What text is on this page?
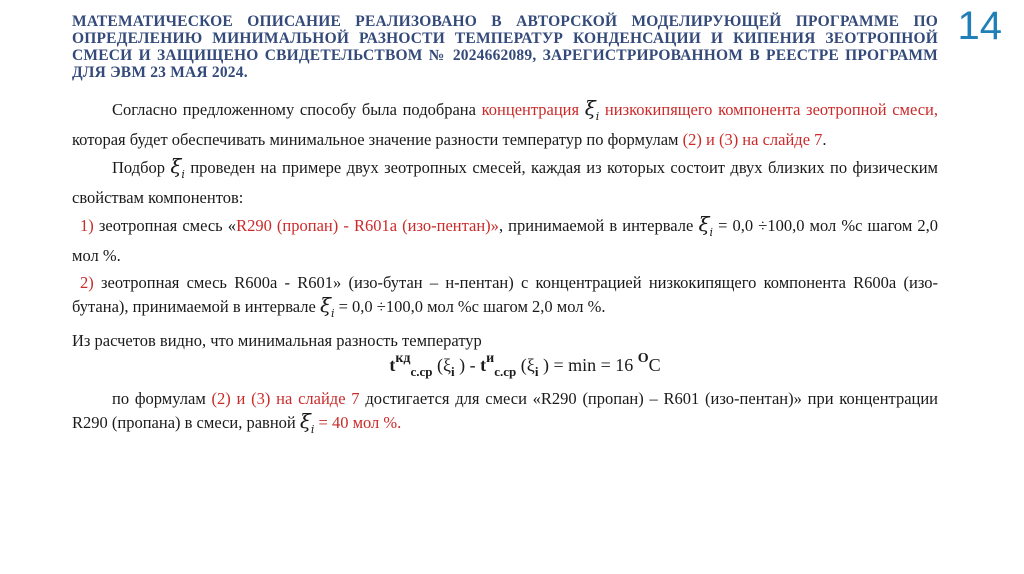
14
МАТЕМАТИЧЕСКОЕ ОПИСАНИЕ РЕАЛИЗОВАНО В АВТОРСКОЙ МОДЕЛИРУЮЩЕЙ ПРОГРАММЕ ПО ОПРЕДЕЛЕНИЮ МИНИМАЛЬНОЙ РАЗНОСТИ ТЕМПЕРАТУР КОНДЕНСАЦИИ И КИПЕНИЯ ЗЕОТРОПНОЙ СМЕСИ И ЗАЩИЩЕНО СВИДЕТЕЛЬСТВОМ № 2024662089, ЗАРЕГИСТРИРОВАННОМ В РЕЕСТРЕ ПРОГРАММ ДЛЯ ЭВМ 23 МАЯ 2024.

Согласно предложенному способу была подобрана концентрация $\xi_i$ низкокипящего компонента зеотропной смеси, которая будет обеспечивать минимальное значение разности температур по формулам (2) и (3) на слайде 7.

Подбор $\xi_i$ проведен на примере двух зеотропных смесей, каждая из которых состоит двух близких по физическим свойствам компонентов:

1) зеотропная смесь «R290 (пропан) - R601a (изо-пентан)», принимаемой в интервале $\xi_i = 0,0 \div 100,0$ мол %с шагом 2,0 мол %.

2) зеотропная смесь R600a - R601» (изо-бутан – н-пентан) с концентрацией низкокипящего компонента R600a (изо- бутана), принимаемой в интервале $\xi_i = 0,0 \div 100,0$ мол %с шагом 2,0 мол %.

Из расчетов видно, что минимальная разность температур

$t^{кд}_{с.ср}$ ($\xi_i$ ) - $t^и_{с.ср}$ ($\xi_i$ ) = min = 16 $^O$C

по формулам (2) и (3) на слайде 7 достигается для смеси «R290 (пропан) – R601 (изо-пентан)» при концентрации R290 (пропана) в смеси, равной $\xi_i = 40$ мол %.
